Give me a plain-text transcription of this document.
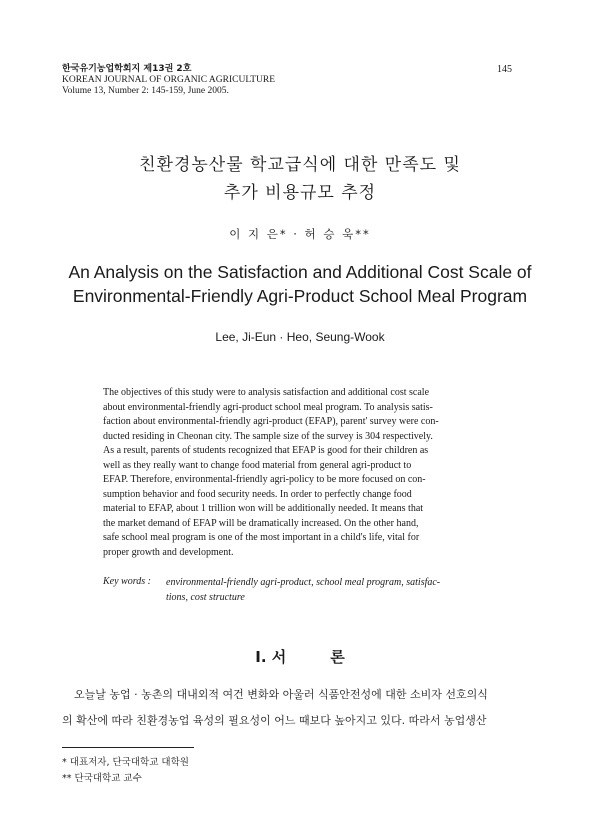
한국유기농업학회지 제13권 2호
KOREAN JOURNAL OF ORGANIC AGRICULTURE
Volume 13, Number 2: 145-159, June 2005.
145
친환경농산물 학교급식에 대한 만족도 및
추가 비용규모 추정
이 지 은* · 허 승 욱**
An Analysis on the Satisfaction and Additional Cost Scale of
Environmental-Friendly Agri-Product School Meal Program
Lee, Ji-Eun · Heo, Seung-Wook
The objectives of this study were to analysis satisfaction and additional cost scale
about environmental-friendly agri-product school meal program. To analysis satis-
faction about environmental-friendly agri-product (EFAP), parent' survey were con-
ducted residing in Cheonan city. The sample size of the survey is 304 respectively.
As a result, parents of students recognized that EFAP is good for their children as
well as they really want to change food material from general agri-product to
EFAP. Therefore, environmental-friendly agri-policy to be more focused on con-
sumption behavior and food security needs. In order to perfectly change food
material to EFAP, about 1 trillion won will be additionally needed. It means that
the market demand of EFAP will be dramatically increased. On the other hand,
safe school meal program is one of the most important in a child's life, vital for
proper growth and development.
Key words : environmental-friendly agri-product, school meal program, satisfac-
tions, cost structure
I. 서	론
오늘날 농업 · 농촌의 대내외적 여건 변화와 아울러 식품안전성에 대한 소비자 선호의식
의 확산에 따라 친환경농업 육성의 필요성이 어느 때보다 높아지고 있다. 따라서 농업생산
* 대표저자, 단국대학교 대학원
** 단국대학교 교수
